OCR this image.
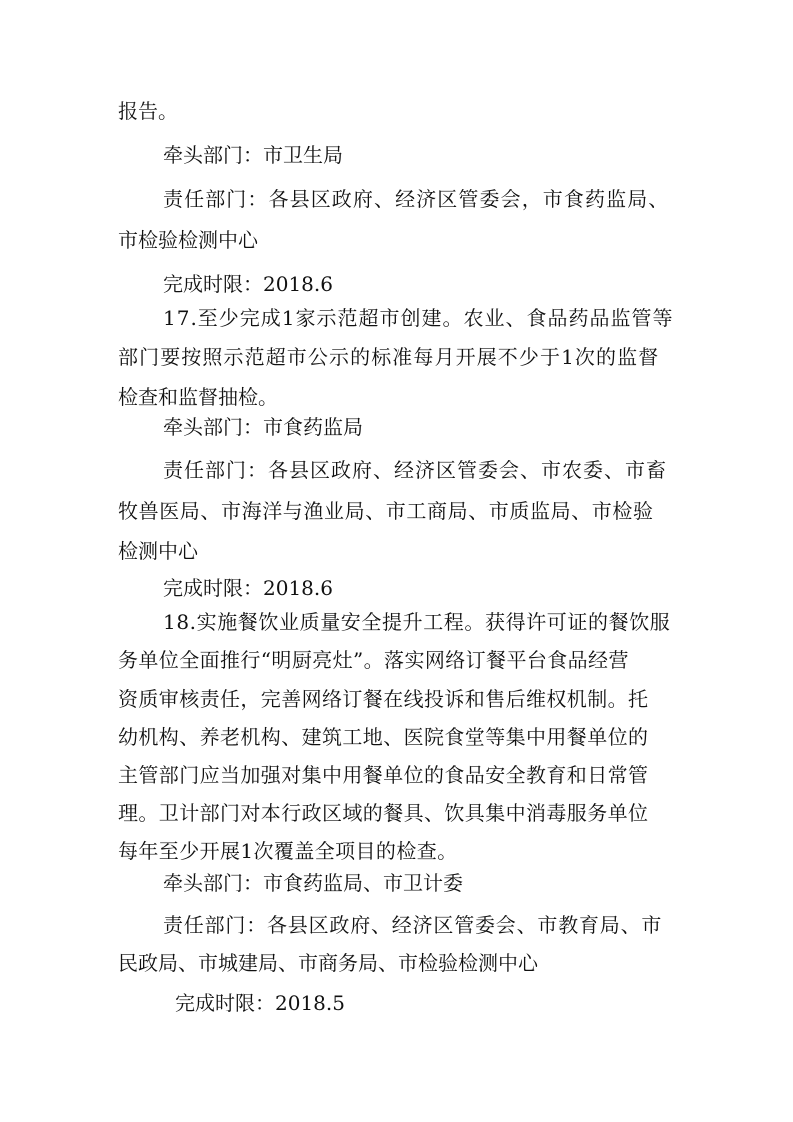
报告。
牵头部门：市卫生局
责任部门：各县区政府、经济区管委会，市食药监局、
市检验检测中心
完成时限：2018.6
17.至少完成1家示范超市创建。农业、食品药品监管等
部门要按照示范超市公示的标准每月开展不少于1次的监督
检查和监督抽检。
牵头部门：市食药监局
责任部门：各县区政府、经济区管委会、市农委、市畜
牧兽医局、市海洋与渔业局、市工商局、市质监局、市检验
检测中心
完成时限：2018.6
18.实施餐饮业质量安全提升工程。获得许可证的餐饮服
务单位全面推行“明厨亮灶”。落实网络订餐平台食品经营
资质审核责任，完善网络订餐在线投诉和售后维权机制。托
幼机构、养老机构、建筑工地、医院食堂等集中用餐单位的
主管部门应当加强对集中用餐单位的食品安全教育和日常管
理。卫计部门对本行政区域的餐具、饮具集中消毒服务单位
每年至少开展1次覆盖全项目的检查。
牵头部门：市食药监局、市卫计委
责任部门：各县区政府、经济区管委会、市教育局、市
民政局、市城建局、市商务局、市检验检测中心
完成时限：2018.5
